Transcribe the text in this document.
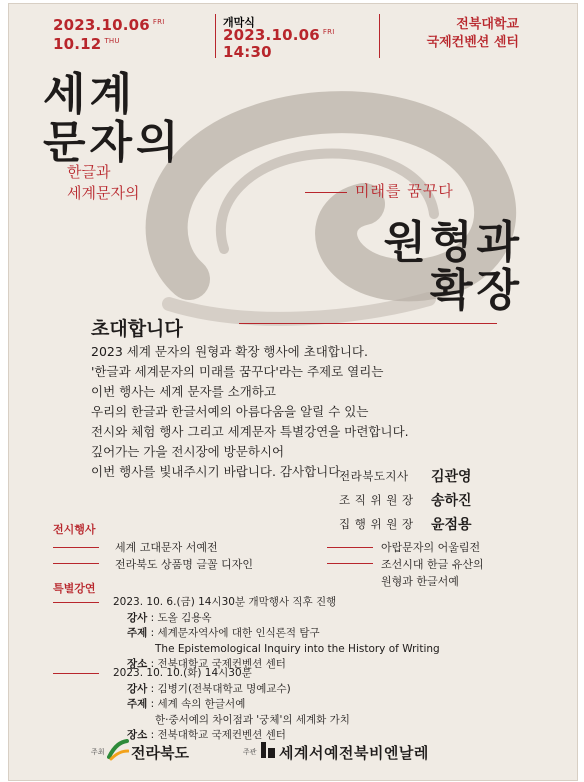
2023.10.06 $^{FRI}$
10.12 $^{THU}$
개막식
2023.10.06 $^{FRI}$
14:30
전북대학교
국제컨벤션 센터
세계
문자의
한글과
세계문자의	미래를 꿈꾸다
원형과
확장
초대합니다
2023 세계 문자의 원형과 확장 행사에 초대합니다.
'한글과 세계문자의 미래를 꿈꾸다'라는 주제로 열리는
이번 행사는 세계 문자를 소개하고
우리의 한글과 한글서예의 아름다움을 알릴 수 있는
전시와 체험 행사 그리고 세계문자 특별강연을 마련합니다.
깊어가는 가을 전시장에 방문하시어
이번 행사를 빛내주시기 바랍니다. 감사합니다.
전라북도지사	김관영
조 직 위 원 장	송하진
집 행 위 원 장	윤점용
전시행사
세계 고대문자 서예전
전라북도 상품명 글꼴 디자인
아랍문자의 어울림전
조선시대 한글 유산의
원형과 한글서예
특별강연
2023. 10. 6.(금) 14시30분 개막행사 직후 진행
강사 : 도올 김용옥
주제 : 세계문자역사에 대한 인식론적 탐구
The Epistemological Inquiry into the History of Writing
장소 : 전북대학교 국제컨벤션 센터
2023. 10. 10.(화) 14시30분
강사 : 김병기(전북대학교 명예교수)
주제 : 세계 속의 한글서예
한·중서예의 차이점과 '궁체'의 세계화 가치
장소 : 전북대학교 국제컨벤션 센터
주최 전라북도	주관 세계서예전북비엔날레
